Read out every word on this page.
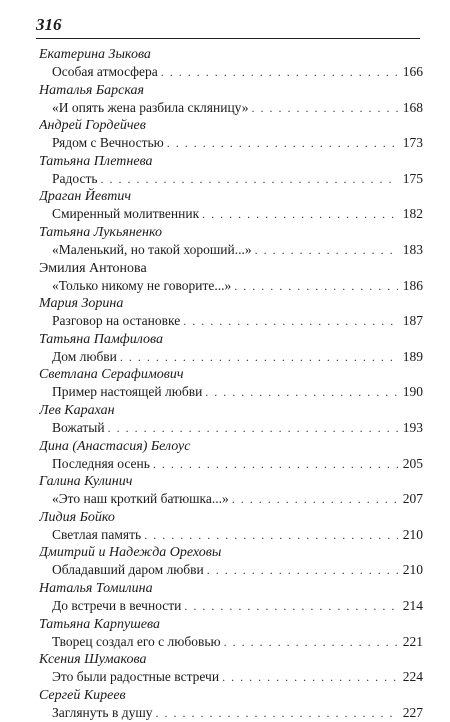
316
Екатерина Зыкова
Особая атмосфера . . .	166
Наталья Барская
«И опять жена разбила скляницу» . . .	168
Андрей Гордейчев
Рядом с Вечностью . . .	173
Татьяна Плетнева
Радость . . .	175
Драган Йевтич
Смиренный молитвенник . . .	182
Татьяна Лукьяненко
«Маленький, но такой хороший...» . . .	183
Эмилия Антонова
«Только никому не говорите...» . . .	186
Мария Зорина
Разговор на остановке . . .	187
Татьяна Памфилова
Дом любви . . .	189
Светлана Серафимович
Пример настоящей любви . . .	190
Лев Карахан
Вожатый . . .	193
Дина (Анастасия) Белоус
Последняя осень . . .	205
Галина Кулинич
«Это наш кроткий батюшка...» . . .	207
Лидия Бойко
Светлая память . . .	210
Дмитрий и Надежда Ореховы
Обладавший даром любви . . .	210
Наталья Томилина
До встречи в вечности . . .	214
Татьяна Карпушева
Творец создал его с любовью . . .	221
Ксения Шумакова
Это были радостные встречи . . .	224
Сергей Киреев
Заглянуть в душу . . .	227
